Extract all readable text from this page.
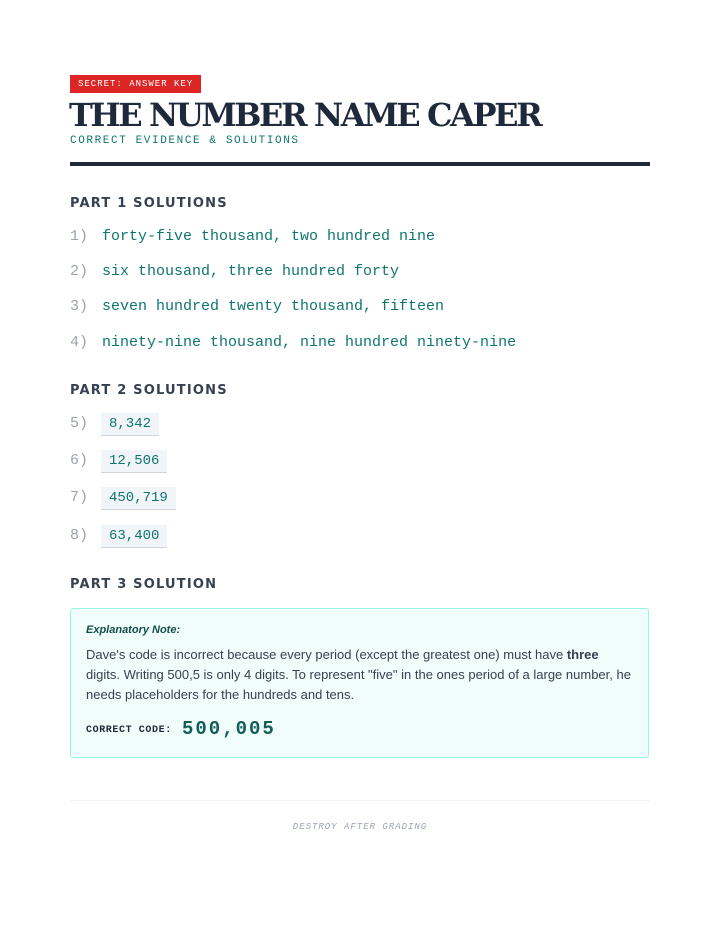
SECRET: ANSWER KEY
THE NUMBER NAME CAPER
CORRECT EVIDENCE & SOLUTIONS
PART 1 SOLUTIONS
1) forty-five thousand, two hundred nine
2) six thousand, three hundred forty
3) seven hundred twenty thousand, fifteen
4) ninety-nine thousand, nine hundred ninety-nine
PART 2 SOLUTIONS
5)	8,342
6)	12,506
7)	450,719
8)	63,400
PART 3 SOLUTION
Explanatory Note:
Dave's code is incorrect because every period (except the greatest one) must have three digits. Writing 500,5 is only 4 digits. To represent "five" in the ones period of a large number, he needs placeholders for the hundreds and tens.
CORRECT CODE: 500,005
DESTROY AFTER GRADING
